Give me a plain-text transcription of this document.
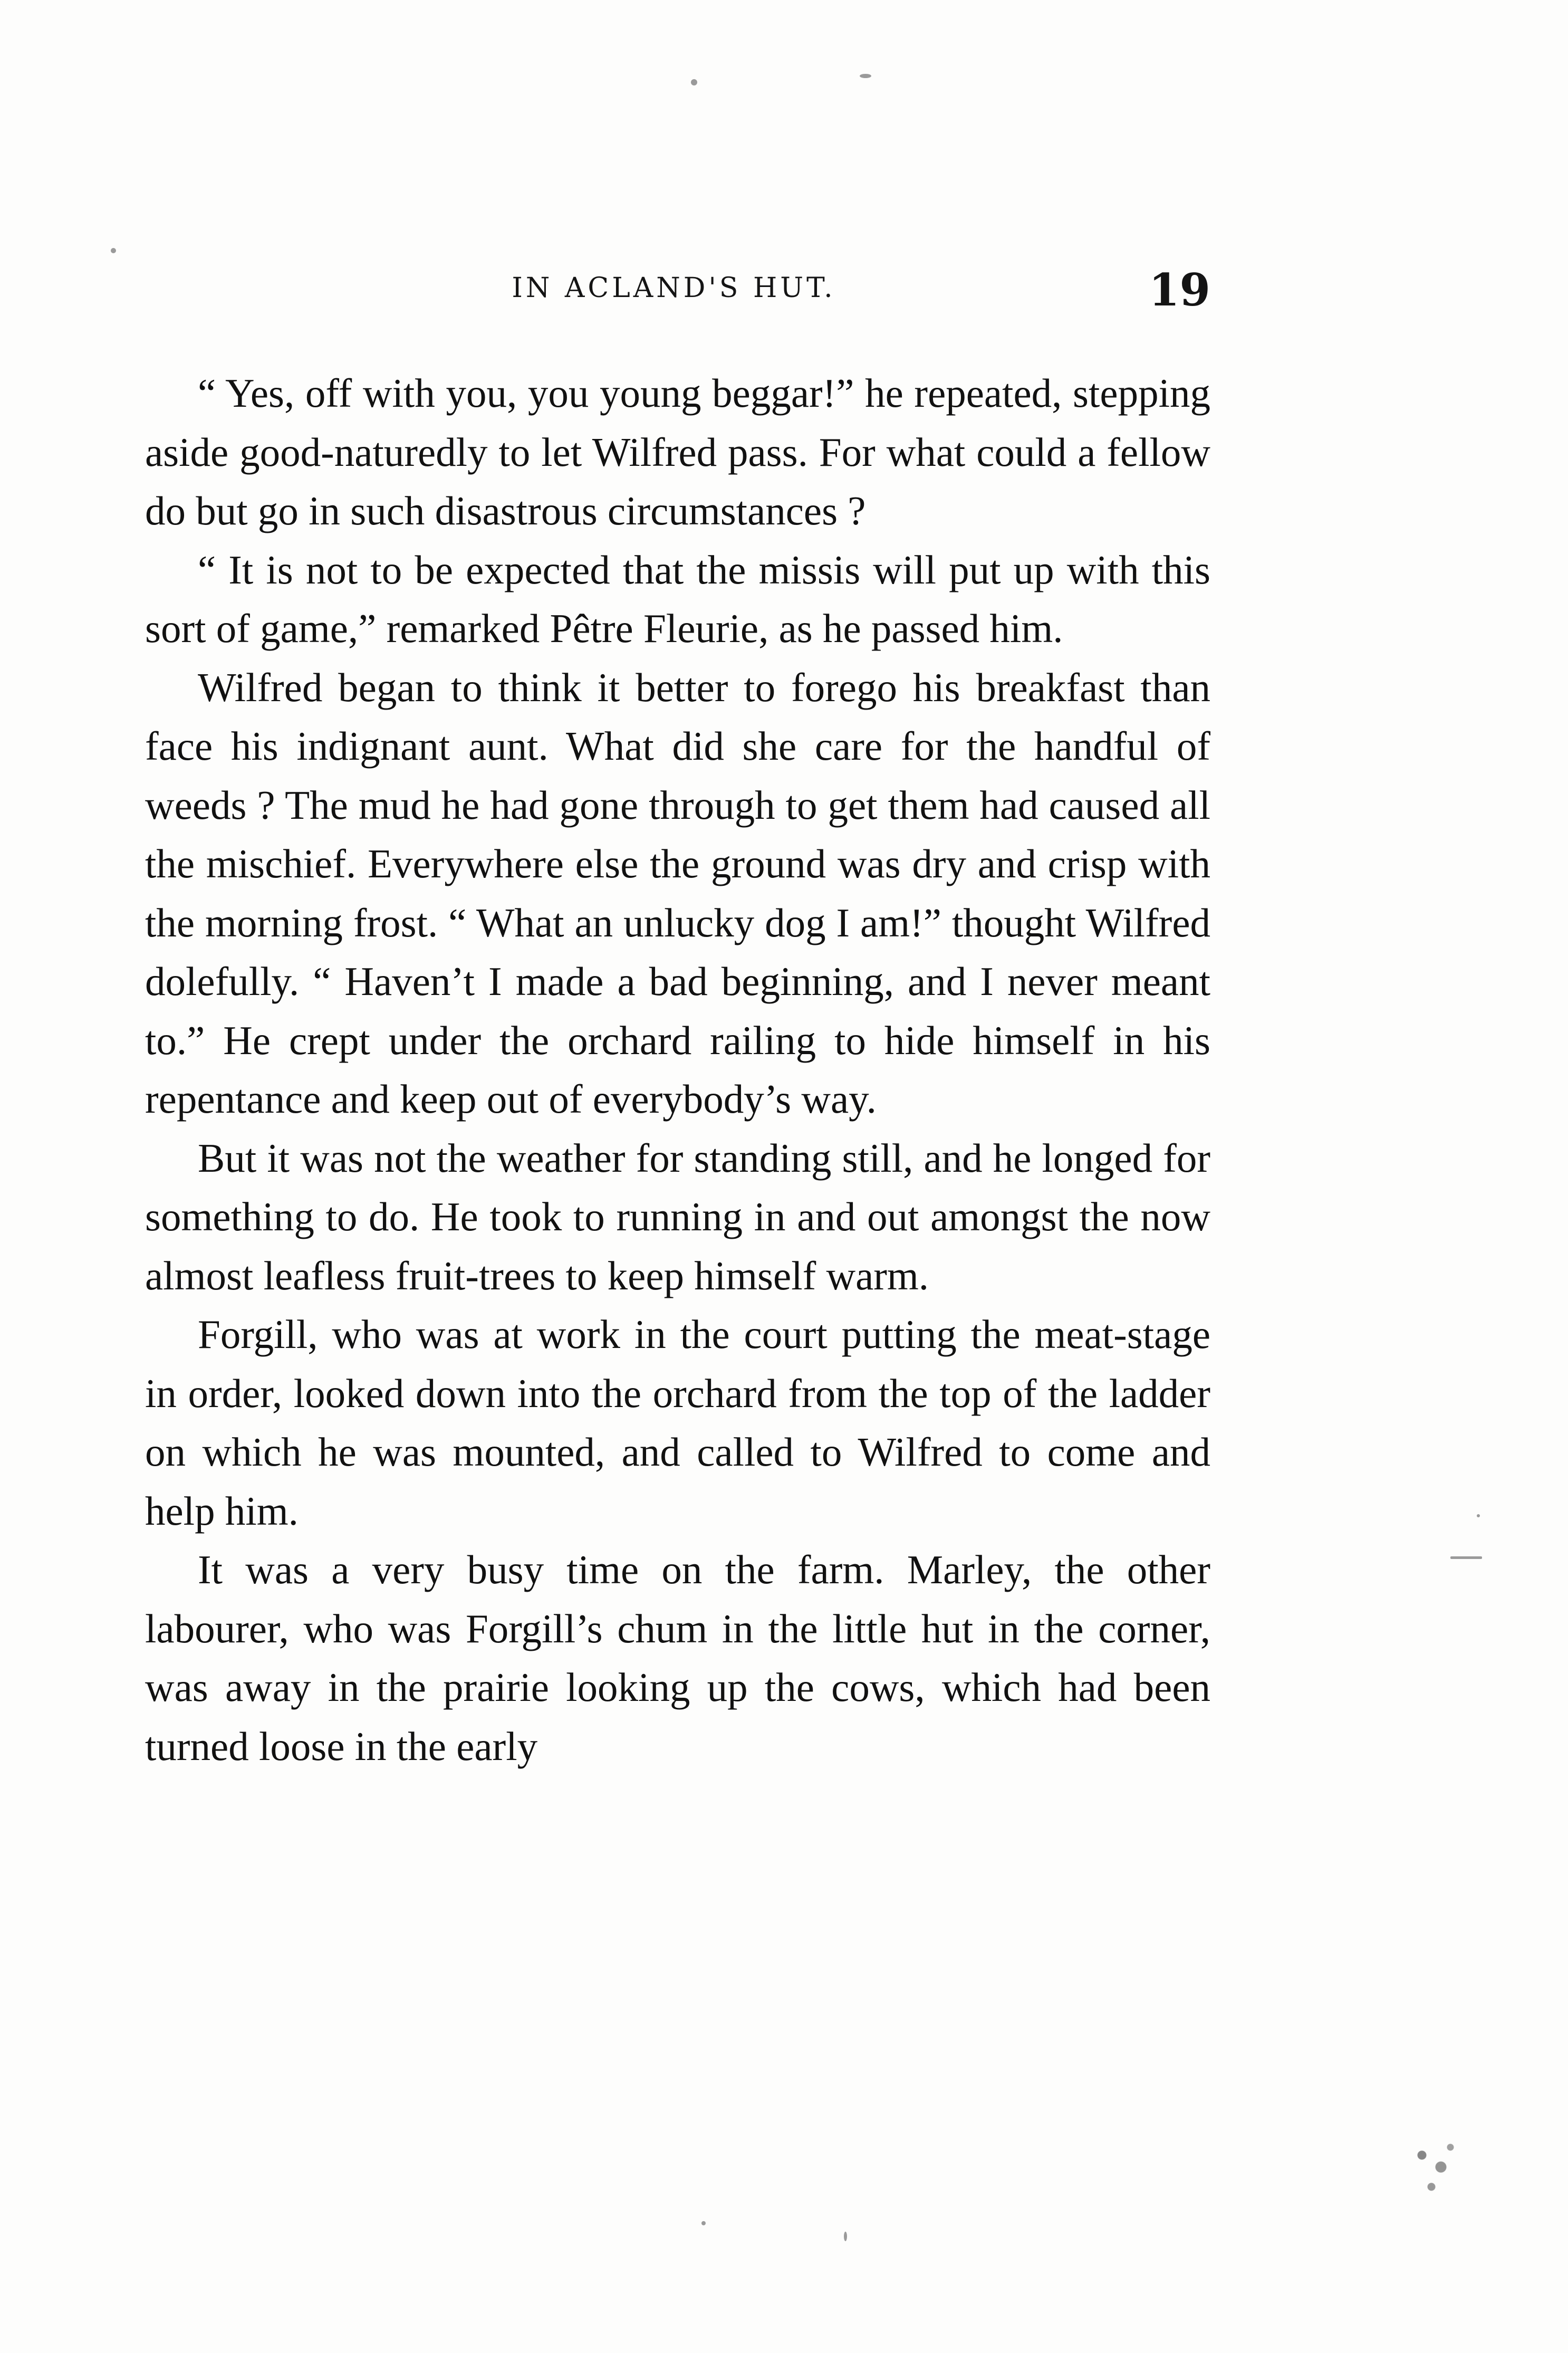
IN ACLAND'S HUT.	19

“ Yes, off with you, you young beggar!” he repeated, stepping aside good-naturedly to let Wilfred pass. For what could a fellow do but go in such disastrous circumstances ?

“ It is not to be expected that the missis will put up with this sort of game,” remarked Pêtre Fleurie, as he passed him.

Wilfred began to think it better to forego his breakfast than face his indignant aunt. What did she care for the handful of weeds ? The mud he had gone through to get them had caused all the mischief. Everywhere else the ground was dry and crisp with the morning frost. “ What an unlucky dog I am!” thought Wilfred dolefully. “ Haven’t I made a bad beginning, and I never meant to.” He crept under the orchard railing to hide himself in his repentance and keep out of everybody’s way.

But it was not the weather for standing still, and he longed for something to do. He took to running in and out amongst the now almost leafless fruit-trees to keep himself warm.

Forgill, who was at work in the court putting the meat-stage in order, looked down into the orchard from the top of the ladder on which he was mounted, and called to Wilfred to come and help him.

It was a very busy time on the farm. Marley, the other labourer, who was Forgill’s chum in the little hut in the corner, was away in the prairie looking up the cows, which had been turned loose in the early
